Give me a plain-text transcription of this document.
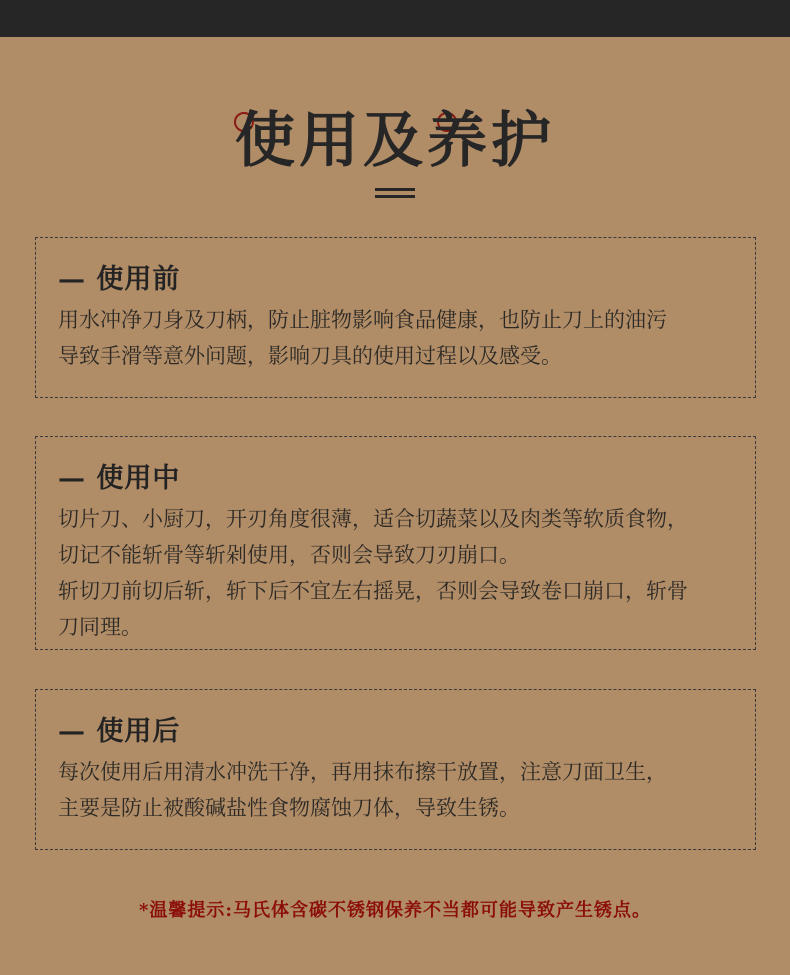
使用及养护
— 使用前

用水冲净刀身及刀柄，防止脏物影响食品健康，也防止刀上的油污

导致手滑等意外问题，影响刀具的使用过程以及感受。

— 使用中

切片刀、小厨刀，开刃角度很薄，适合切蔬菜以及肉类等软质食物，

切记不能斩骨等斩剁使用，否则会导致刀刃崩口。

斩切刀前切后斩，斩下后不宜左右摇晃，否则会导致卷口崩口，斩骨

刀同理。

— 使用后

每次使用后用清水冲洗干净，再用抹布擦干放置，注意刀面卫生，

主要是防止被酸碱盐性食物腐蚀刀体，导致生锈。

*温馨提示:马氏体含碳不锈钢保养不当都可能导致产生锈点。
